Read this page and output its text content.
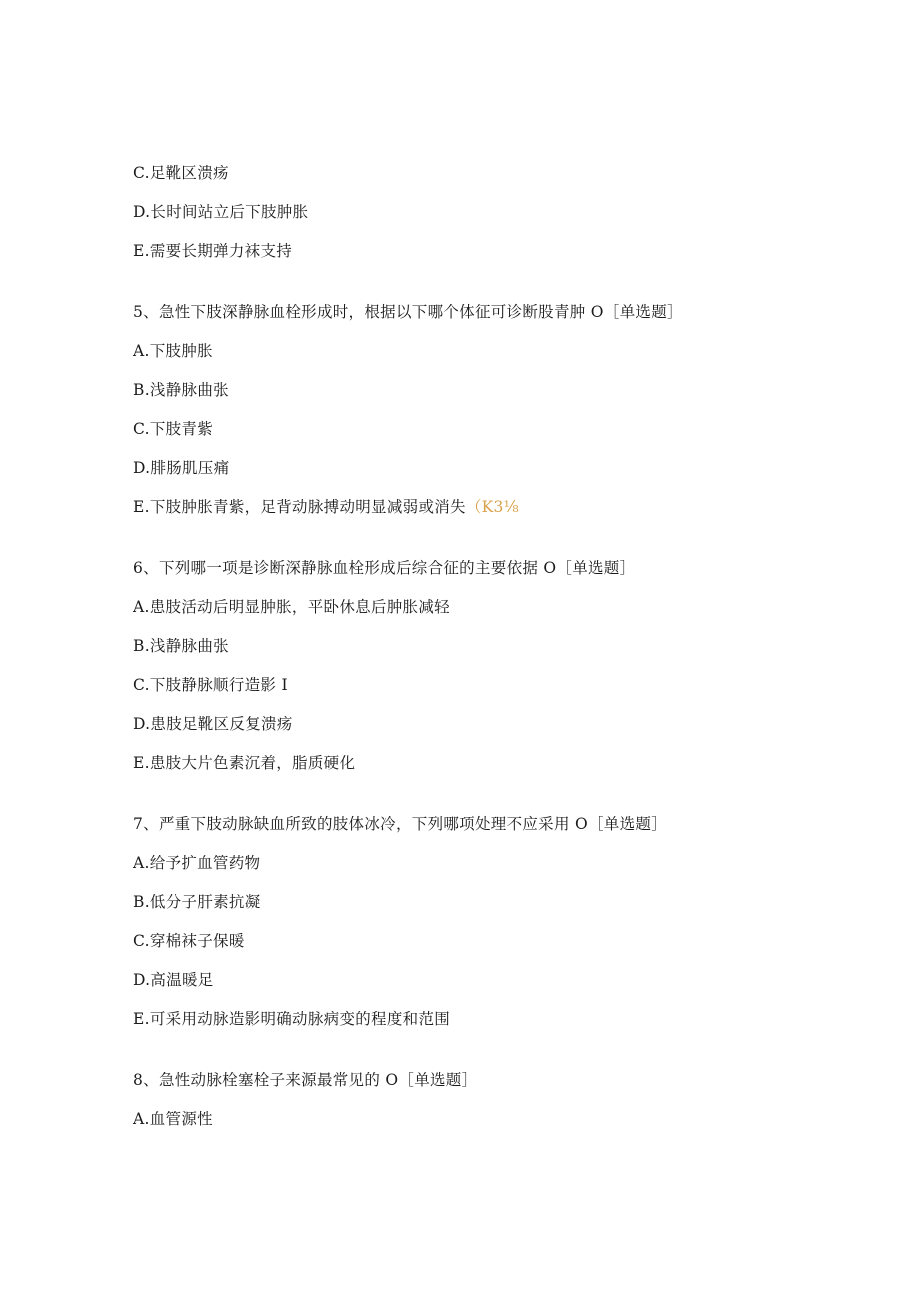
C.足靴区溃疡
D.长时间站立后下肢肿胀
E.需要长期弹力袜支持
5、急性下肢深静脉血栓形成时，根据以下哪个体征可诊断股青肿 O［单选题］
A.下肢肿胀
B.浅静脉曲张
C.下肢青紫
D.腓肠肌压痛
E.下肢肿胀青紫，足背动脉搏动明显减弱或消失（K3⅛
6、下列哪一项是诊断深静脉血栓形成后综合征的主要依据 O［单选题］
A.患肢活动后明显肿胀，平卧休息后肿胀减轻
B.浅静脉曲张
C.下肢静脉顺行造影 I
D.患肢足靴区反复溃疡
E.患肢大片色素沉着，脂质硬化
7、严重下肢动脉缺血所致的肢体冰冷，下列哪项处理不应采用 O［单选题］
A.给予扩血管药物
B.低分子肝素抗凝
C.穿棉袜子保暖
D.高温暖足
E.可采用动脉造影明确动脉病变的程度和范围
8、急性动脉栓塞栓子来源最常见的 O［单选题］
A.血管源性
